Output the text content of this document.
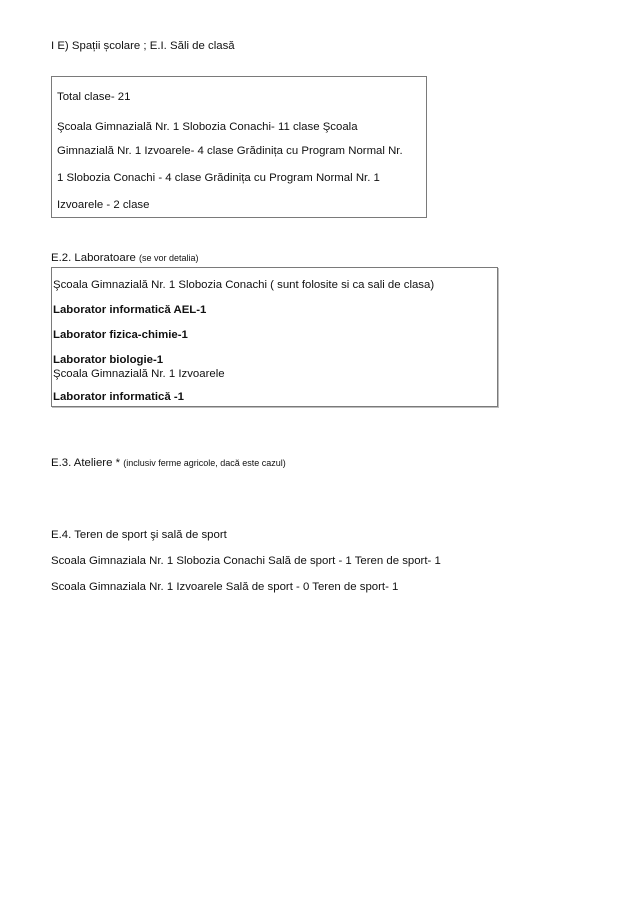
I E) Spații școlare ; E.I. Săli de clasă
Total clase- 21
Şcoala Gimnazială Nr. 1 Slobozia Conachi- 11 clase Şcoala
Gimnazială Nr. 1 Izvoarele- 4 clase Grădinița cu Program Normal Nr.
1 Slobozia Conachi - 4 clase Grădinița cu Program Normal Nr. 1
Izvoarele - 2 clase
E.2. Laboratoare (se vor detalia)
Şcoala Gimnazială Nr. 1 Slobozia Conachi ( sunt folosite si ca sali de clasa)
Laborator informatică AEL-1
Laborator fizica-chimie-1
Laborator biologie-1
Şcoala Gimnazială Nr. 1 Izvoarele
Laborator informatică -1
E.3. Ateliere * (inclusiv ferme agricole, dacă este cazul)
E.4. Teren de sport şi sală de sport
Scoala Gimnaziala Nr. 1 Slobozia Conachi Sală de sport - 1 Teren de sport- 1
Scoala Gimnaziala Nr. 1 Izvoarele Sală de sport - 0 Teren de sport- 1
